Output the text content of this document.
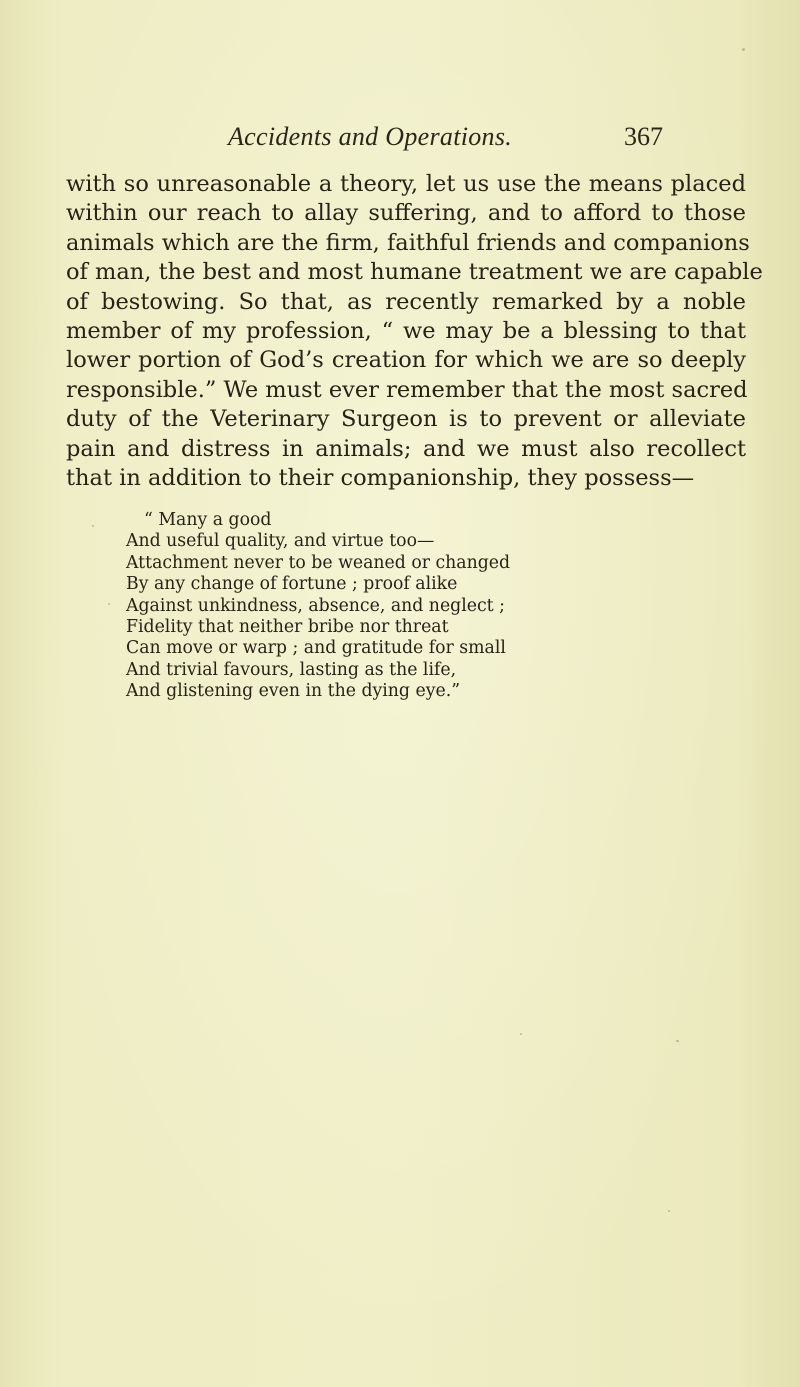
Accidents and Operations.	367
with so unreasonable a theory, let us use the means placed
within our reach to allay suffering, and to afford to those
animals which are the firm, faithful friends and companions
of man, the best and most humane treatment we are capable
of bestowing. So that, as recently remarked by a noble
member of my profession, “ we may be a blessing to that
lower portion of God’s creation for which we are so deeply
responsible.” We must ever remember that the most sacred
duty of the Veterinary Surgeon is to prevent or alleviate
pain and distress in animals; and we must also recollect
that in addition to their companionship, they possess—
“ Many a good
And useful quality, and virtue too—
Attachment never to be weaned or changed
By any change of fortune ; proof alike
Against unkindness, absence, and neglect ;
Fidelity that neither bribe nor threat
Can move or warp ; and gratitude for small
And trivial favours, lasting as the life,
And glistening even in the dying eye.”
